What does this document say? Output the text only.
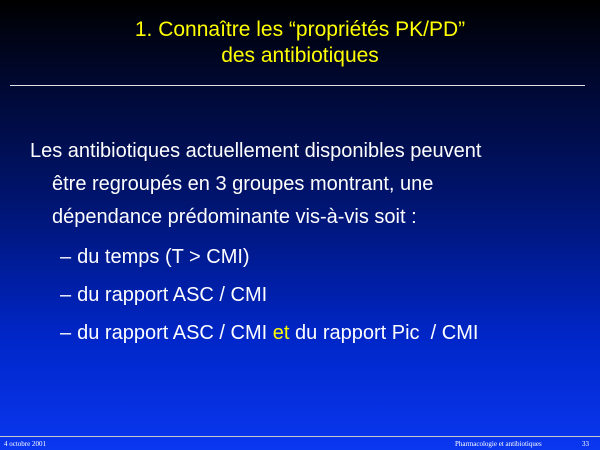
1. Connaître les “propriétés PK/PD”
des antibiotiques

Les antibiotiques actuellement disponibles peuvent
être regroupés en 3 groupes montrant, une
dépendance prédominante vis-à-vis soit :

– du temps (T > CMI)
– du rapport ASC / CMI
– du rapport ASC / CMI et du rapport Pic  / CMI
4 octobre 2001	Pharmacologie et antibiotiques	33
